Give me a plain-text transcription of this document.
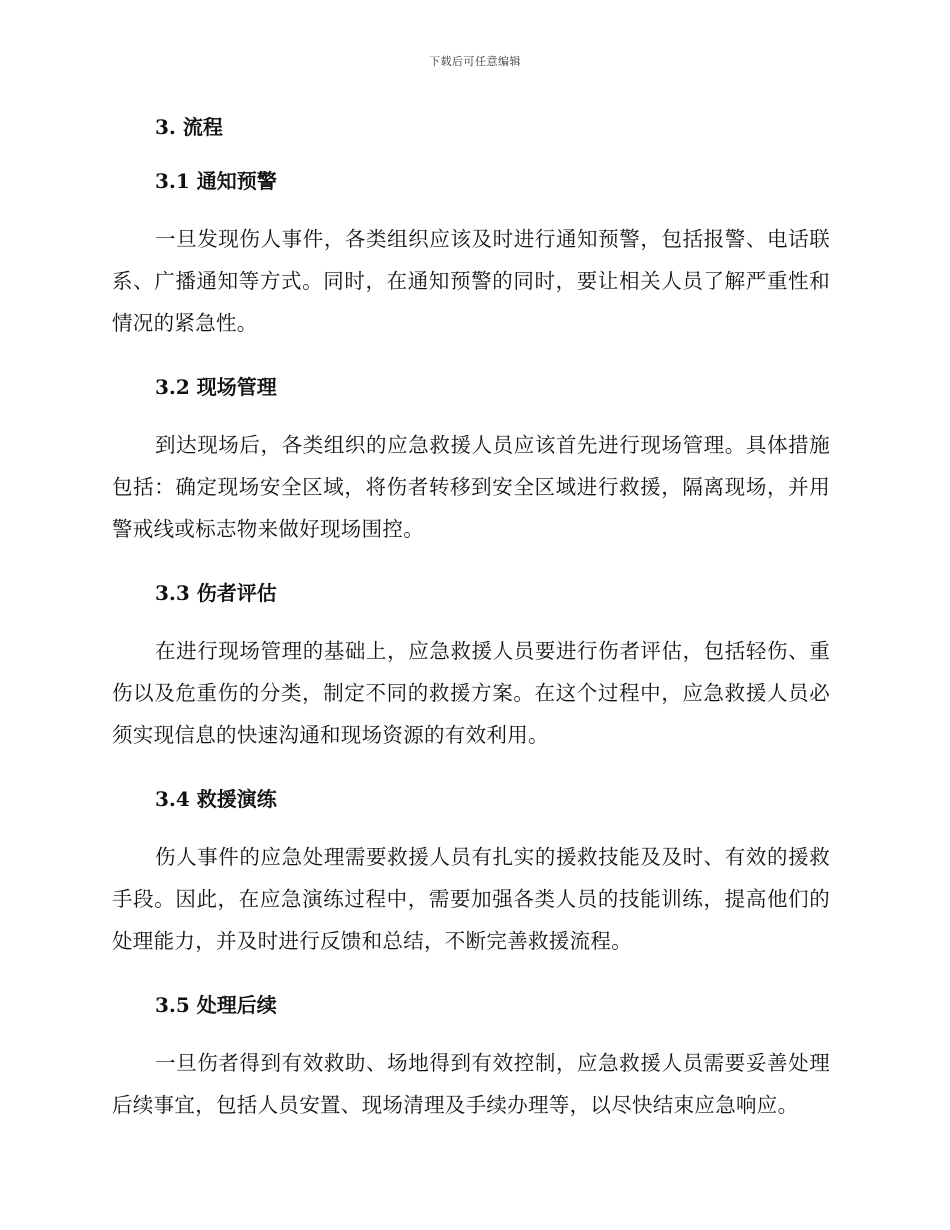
下载后可任意编辑
3. 流程
3.1 通知预警

一旦发现伤人事件，各类组织应该及时进行通知预警，包括报警、电话联系、广播通知等方式。同时，在通知预警的同时，要让相关人员了解严重性和情况的紧急性。

3.2 现场管理

到达现场后，各类组织的应急救援人员应该首先进行现场管理。具体措施包括：确定现场安全区域，将伤者转移到安全区域进行救援，隔离现场，并用警戒线或标志物来做好现场围控。

3.3 伤者评估

在进行现场管理的基础上，应急救援人员要进行伤者评估，包括轻伤、重伤以及危重伤的分类，制定不同的救援方案。在这个过程中，应急救援人员必须实现信息的快速沟通和现场资源的有效利用。

3.4 救援演练

伤人事件的应急处理需要救援人员有扎实的援救技能及及时、有效的援救手段。因此，在应急演练过程中，需要加强各类人员的技能训练，提高他们的处理能力，并及时进行反馈和总结，不断完善救援流程。

3.5 处理后续

一旦伤者得到有效救助、场地得到有效控制，应急救援人员需要妥善处理后续事宜，包括人员安置、现场清理及手续办理等，以尽快结束应急响应。
